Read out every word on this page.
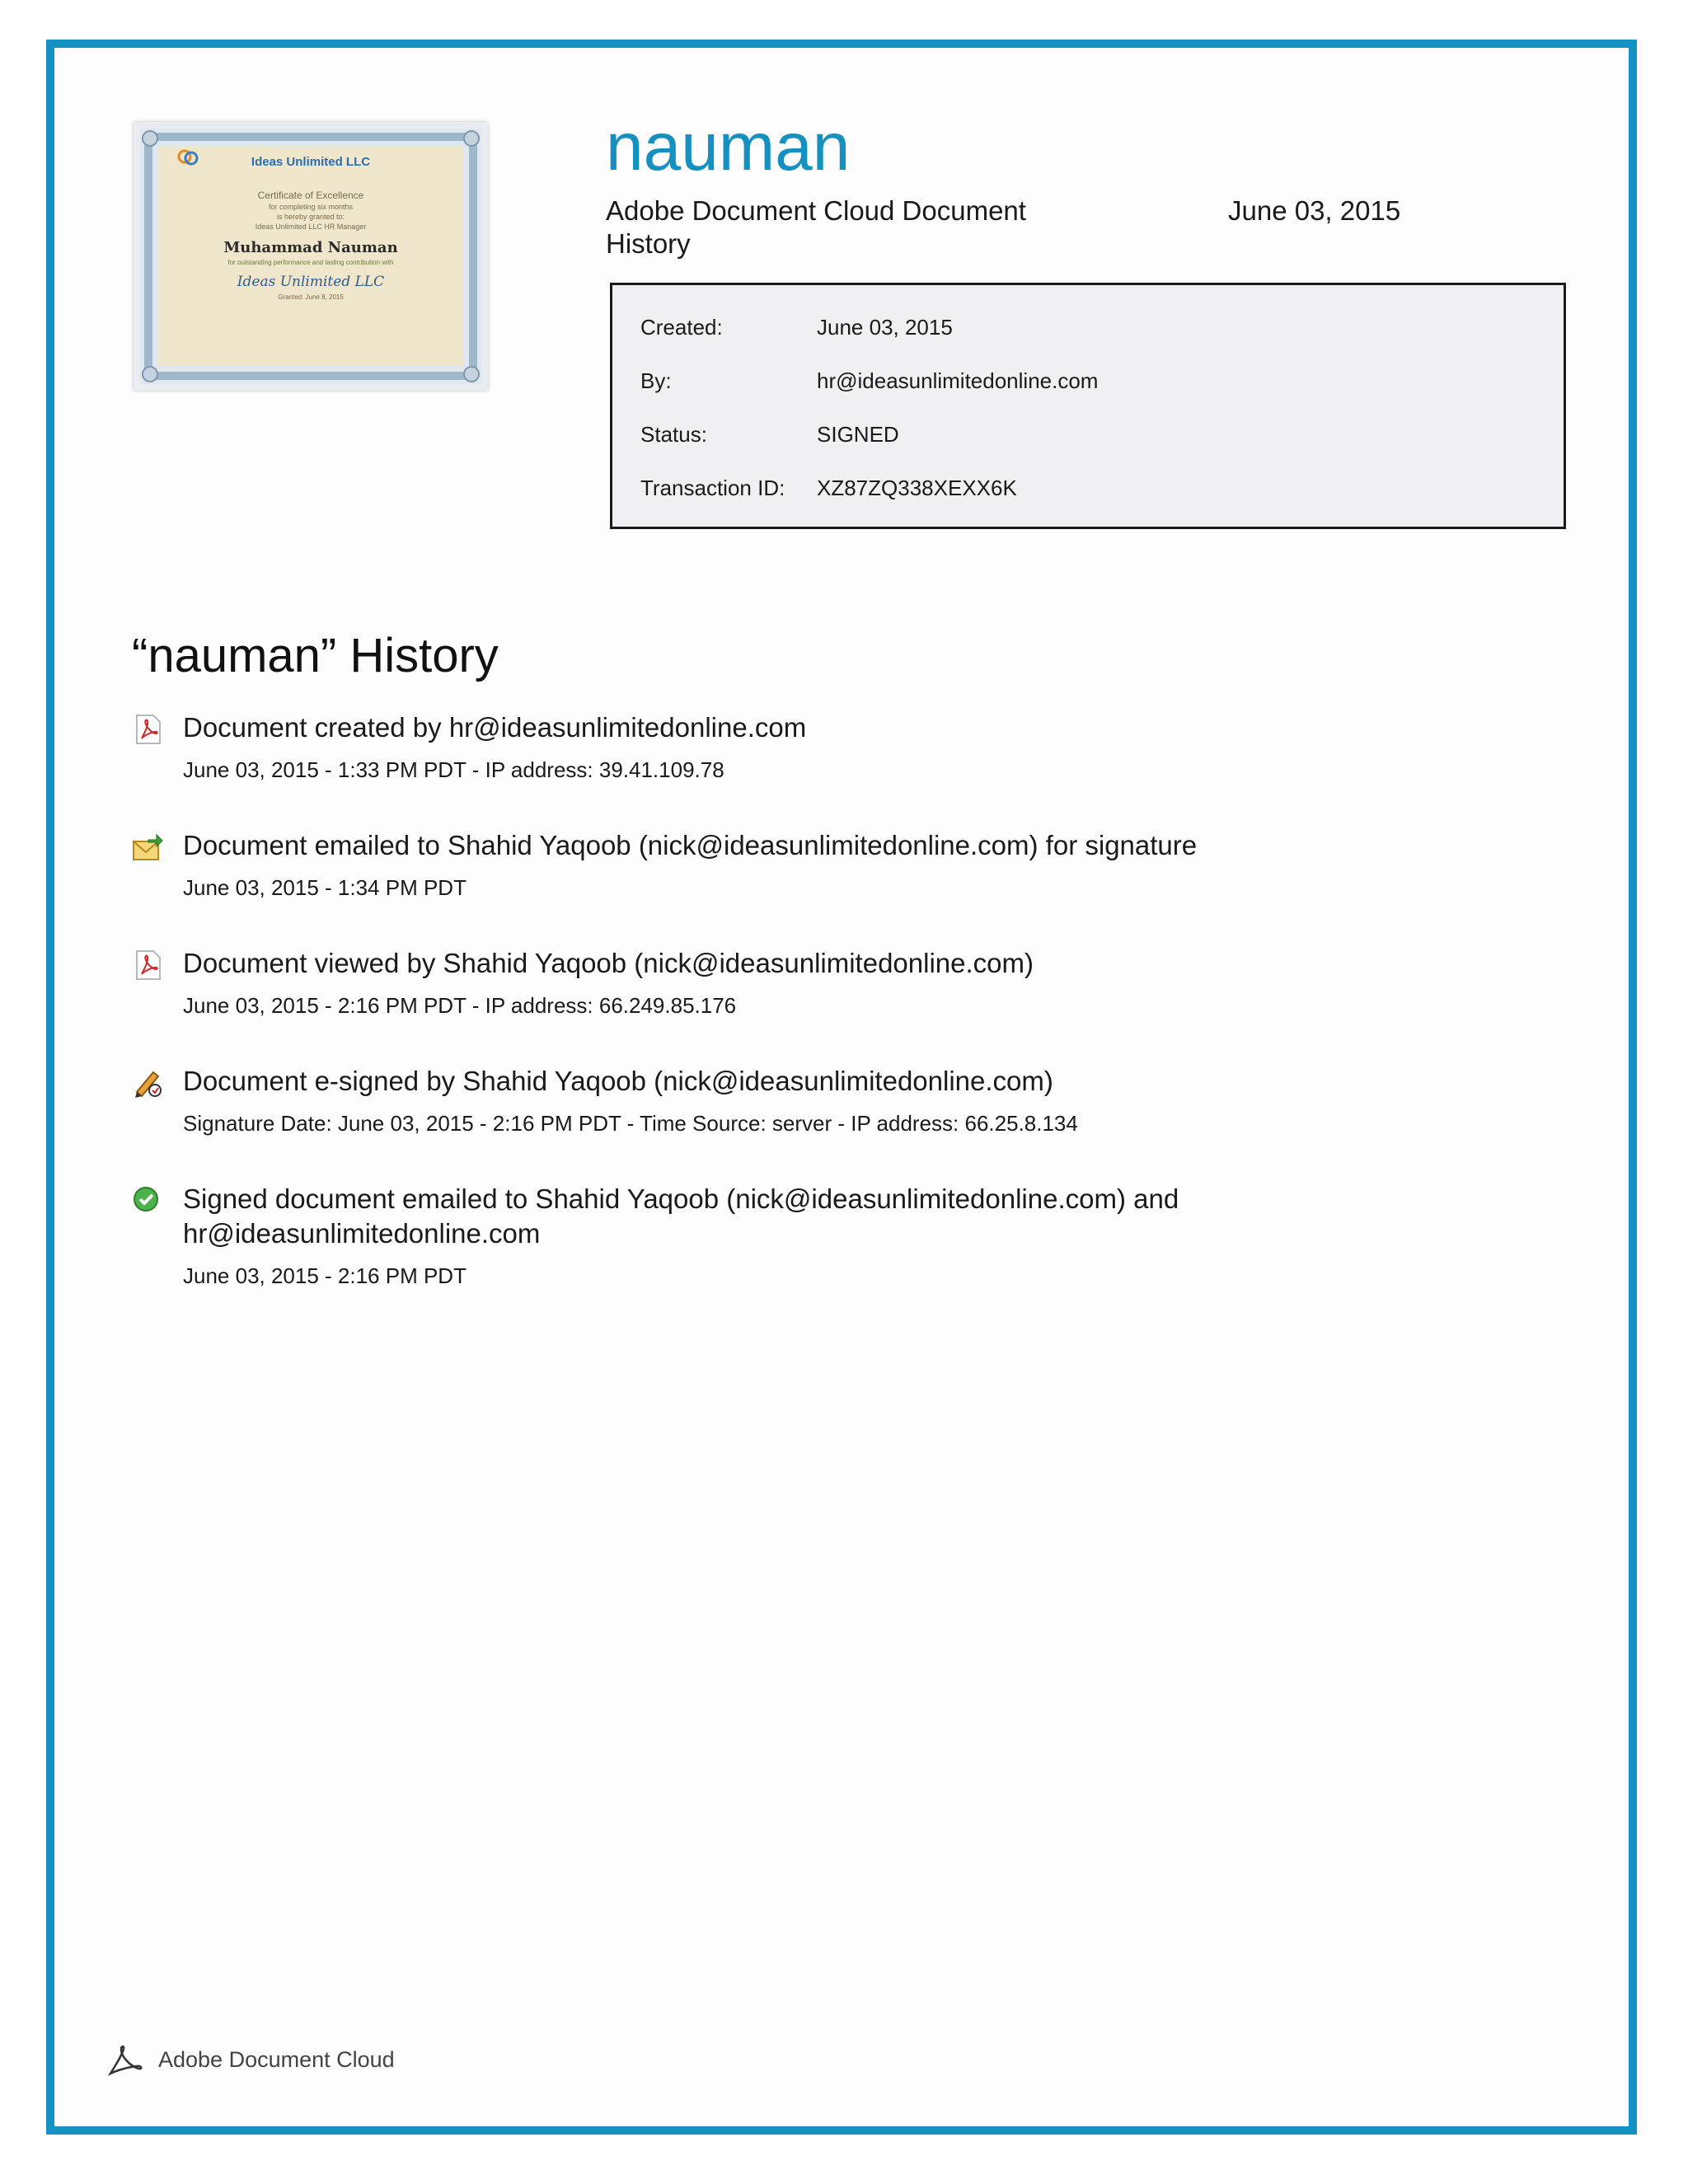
Ideas Unlimited LLC
Certificate of Excellence
for completing six months
is hereby granted to:
Ideas Unlimited LLC HR Manager
Muhammad Nauman
for outstanding performance and lasting contribution with
Ideas Unlimited LLC
Granted: June 8, 2015
nauman
Adobe Document Cloud Document History
June 03, 2015
Created:	June 03, 2015
By:	hr@ideasunlimitedonline.com
Status:	SIGNED
Transaction ID: XZ87ZQ338XEXX6K
“nauman” History
Document created by hr@ideasunlimitedonline.com
June 03, 2015 - 1:33 PM PDT - IP address: 39.41.109.78
Document emailed to Shahid Yaqoob (nick@ideasunlimitedonline.com) for signature
June 03, 2015 - 1:34 PM PDT
Document viewed by Shahid Yaqoob (nick@ideasunlimitedonline.com)
June 03, 2015 - 2:16 PM PDT - IP address: 66.249.85.176
Document e-signed by Shahid Yaqoob (nick@ideasunlimitedonline.com)
Signature Date: June 03, 2015 - 2:16 PM PDT - Time Source: server - IP address: 66.25.8.134
Signed document emailed to Shahid Yaqoob (nick@ideasunlimitedonline.com) and hr@ideasunlimitedonline.com
June 03, 2015 - 2:16 PM PDT
Adobe Document Cloud
